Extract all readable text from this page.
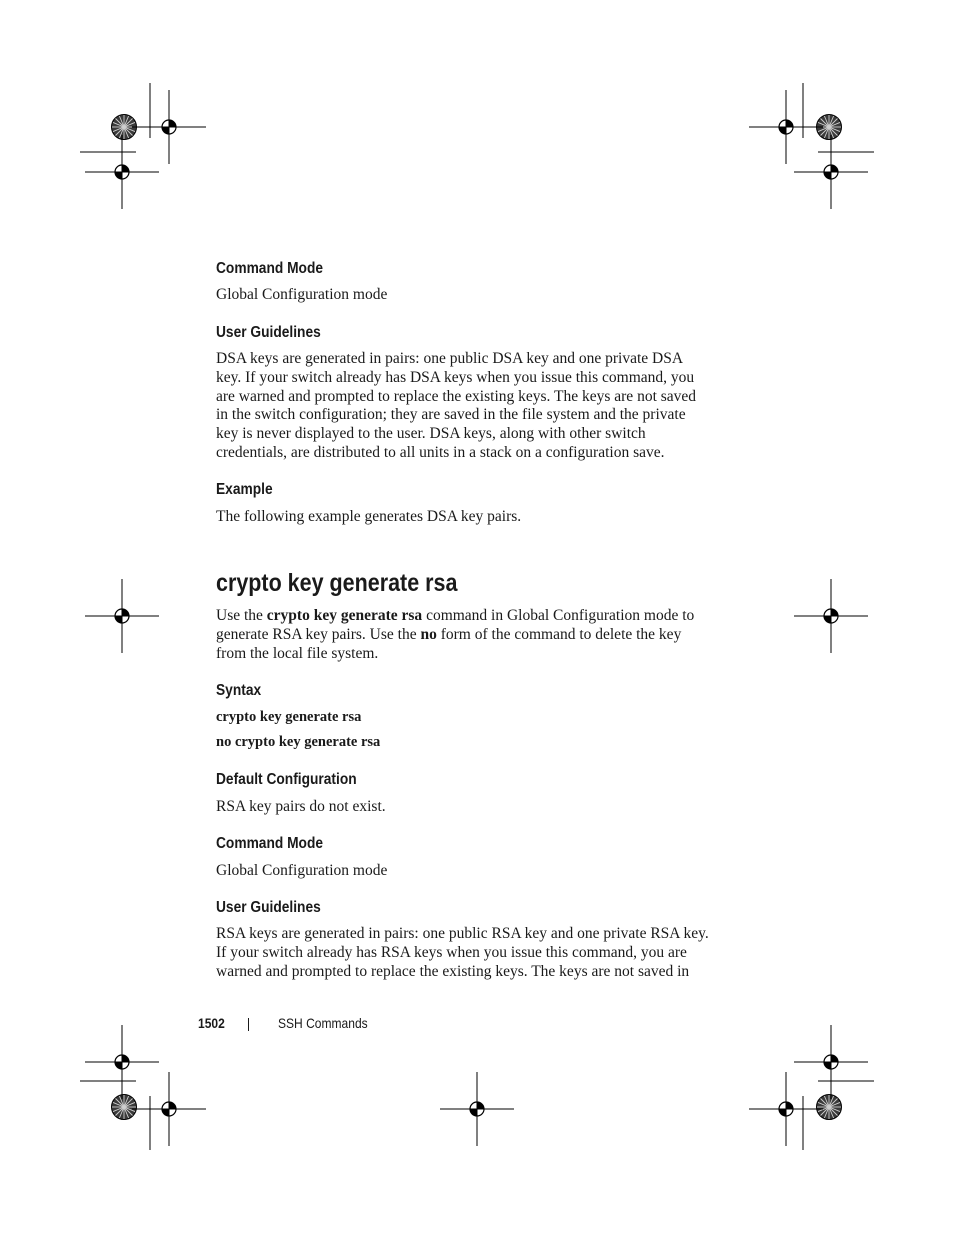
Command Mode
Global Configuration mode
User Guidelines
DSA keys are generated in pairs: one public DSA key and one private DSA
key. If your switch already has DSA keys when you issue this command, you
are warned and prompted to replace the existing keys. The keys are not saved
in the switch configuration; they are saved in the file system and the private
key is never displayed to the user. DSA keys, along with other switch
credentials, are distributed to all units in a stack on a configuration save.
Example
The following example generates DSA key pairs.
crypto key generate rsa
Use the crypto key generate rsa command in Global Configuration mode to
generate RSA key pairs. Use the no form of the command to delete the key
from the local file system.
Syntax
crypto key generate rsa
no crypto key generate rsa
Default Configuration
RSA key pairs do not exist.
Command Mode
Global Configuration mode
User Guidelines
RSA keys are generated in pairs: one public RSA key and one private RSA key.
If your switch already has RSA keys when you issue this command, you are
warned and prompted to replace the existing keys. The keys are not saved in
1502	SSH Commands
